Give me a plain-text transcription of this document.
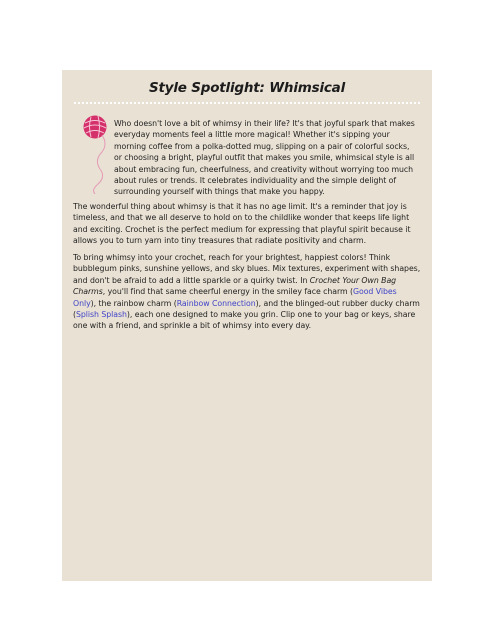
Style Spotlight: Whimsical

Who doesn't love a bit of whimsy in their life? It's that joyful spark that makes everyday moments feel a little more magical! Whether it's sipping your morning coffee from a polka-dotted mug, slipping on a pair of colorful socks, or choosing a bright, playful outfit that makes you smile, whimsical style is all about embracing fun, cheerfulness, and creativity without worrying too much about rules or trends. It celebrates individuality and the simple delight of surrounding yourself with things that make you happy.

The wonderful thing about whimsy is that it has no age limit. It's a reminder that joy is timeless, and that we all deserve to hold on to the childlike wonder that keeps life light and exciting. Crochet is the perfect medium for expressing that playful spirit because it allows you to turn yarn into tiny treasures that radiate positivity and charm.

To bring whimsy into your crochet, reach for your brightest, happiest colors! Think bubblegum pinks, sunshine yellows, and sky blues. Mix textures, experiment with shapes, and don't be afraid to add a little sparkle or a quirky twist. In Crochet Your Own Bag Charms, you'll find that same cheerful energy in the smiley face charm (Good Vibes Only), the rainbow charm (Rainbow Connection), and the blinged-out rubber ducky charm (Splish Splash), each one designed to make you grin. Clip one to your bag or keys, share one with a friend, and sprinkle a bit of whimsy into every day.
